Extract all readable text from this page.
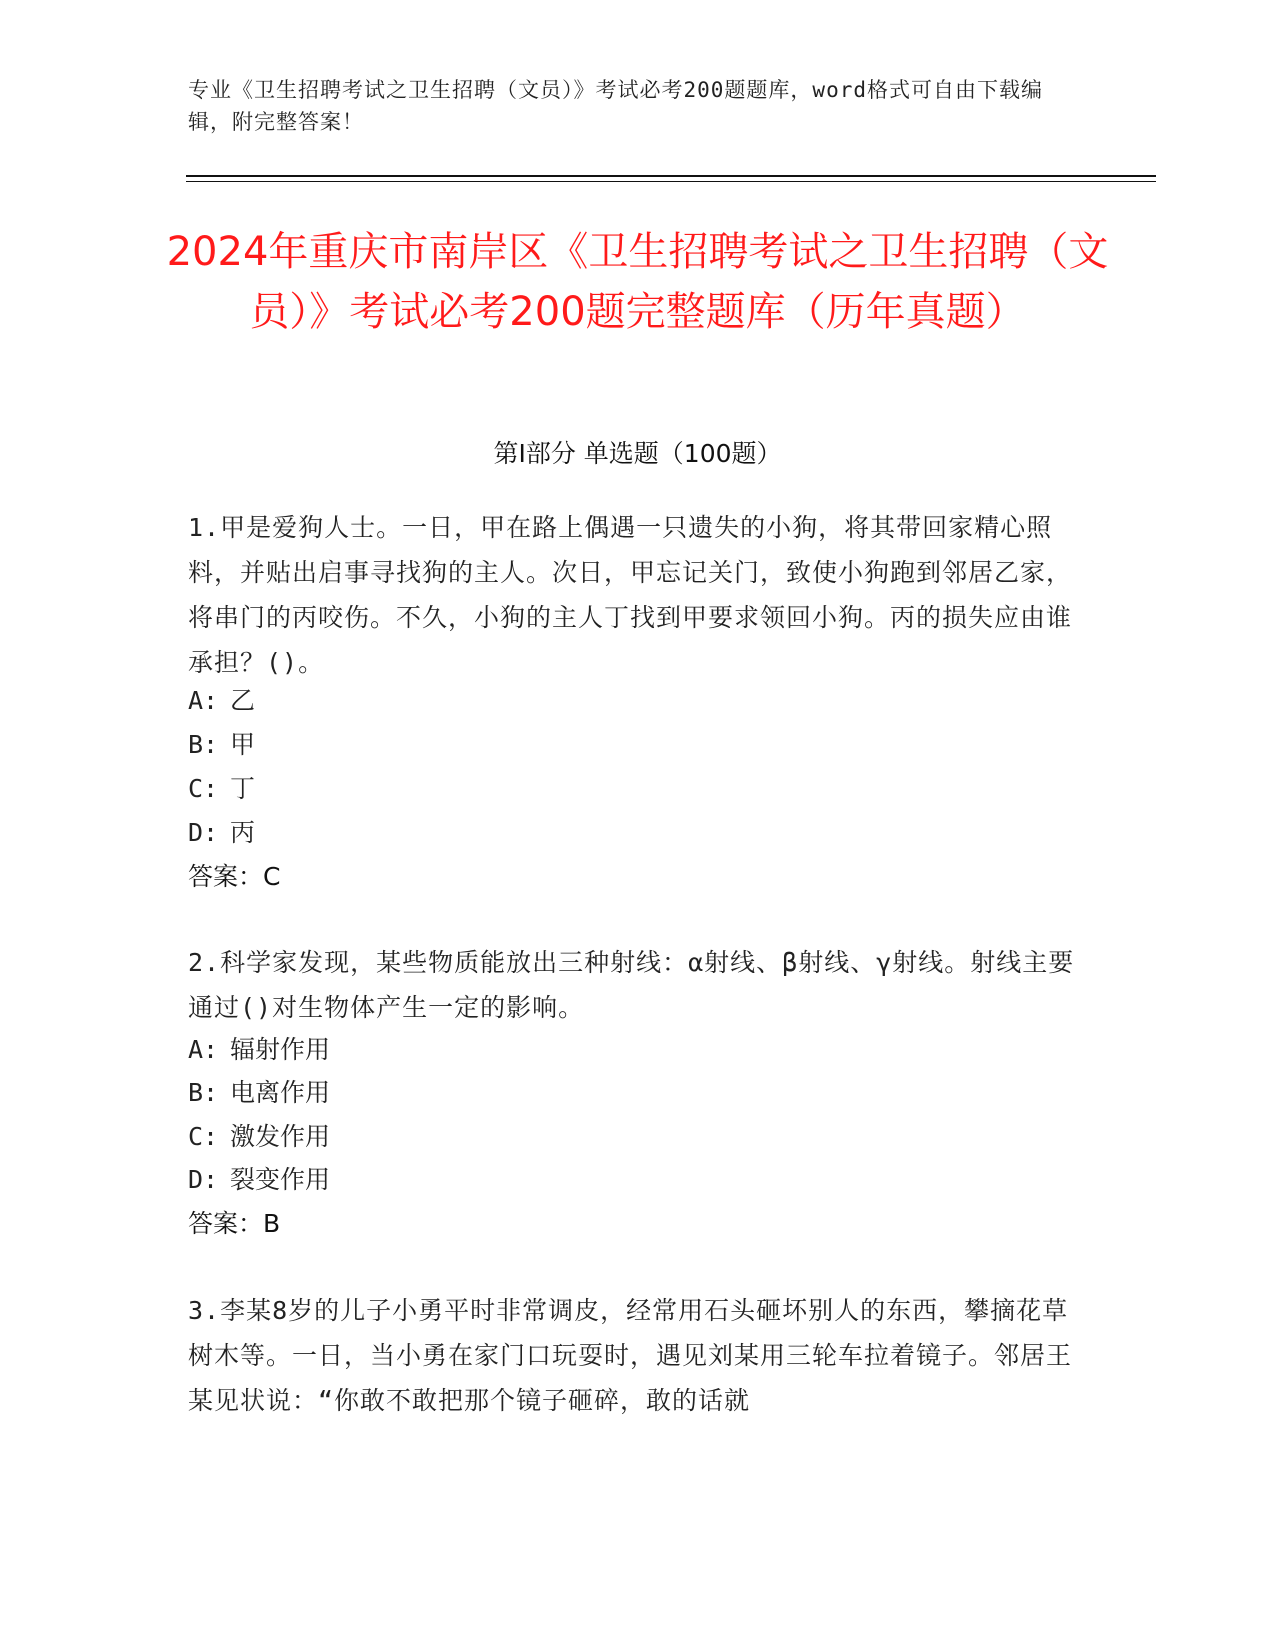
专业《卫生招聘考试之卫生招聘（文员）》考试必考200题题库，word格式可自由下载编辑，附完整答案！
2024年重庆市南岸区《卫生招聘考试之卫生招聘（文员）》考试必考200题完整题库（历年真题）
第I部分 单选题（100题）
1.甲是爱狗人士。一日，甲在路上偶遇一只遗失的小狗，将其带回家精心照料，并贴出启事寻找狗的主人。次日，甲忘记关门，致使小狗跑到邻居乙家，将串门的丙咬伤。不久，小狗的主人丁找到甲要求领回小狗。丙的损失应由谁承担？()。
A: 乙
B: 甲
C: 丁
D: 丙
答案：C
2.科学家发现，某些物质能放出三种射线：α射线、β射线、γ射线。射线主要通过()对生物体产生一定的影响。
A: 辐射作用
B: 电离作用
C: 激发作用
D: 裂变作用
答案：B
3.李某8岁的儿子小勇平时非常调皮，经常用石头砸坏别人的东西，攀摘花草树木等。一日，当小勇在家门口玩耍时，遇见刘某用三轮车拉着镜子。邻居王某见状说：“你敢不敢把那个镜子砸碎，敢的话就
